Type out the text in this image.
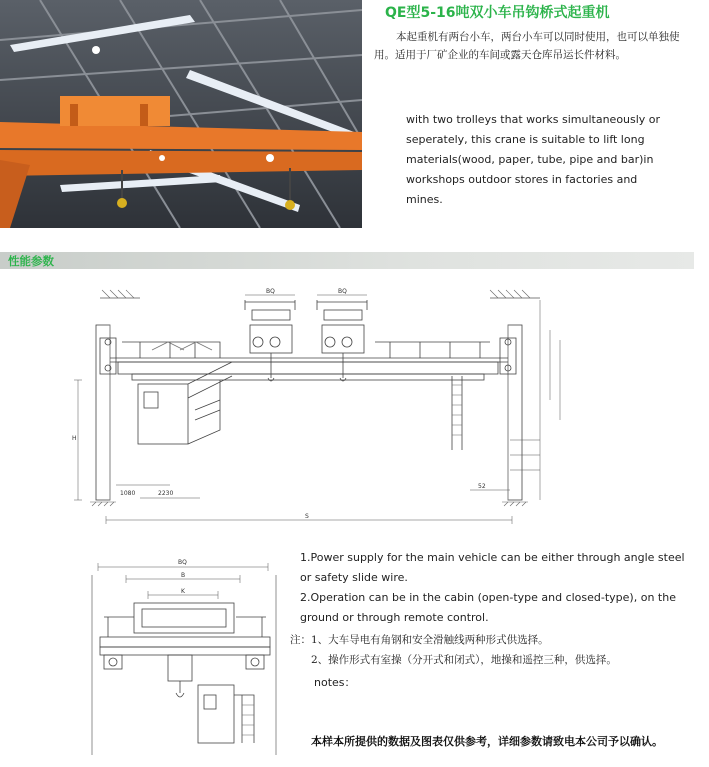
QE型5-16吨双小车吊钩桥式起重机
本起重机有两台小车，两台小车可以同时使用，也可以单独使用。适用于厂矿企业的车间或露天仓库吊运长件材料。
with two trolleys that works simultaneously or seperately, this crane is suitable to lift long materials(wood, paper, tube, pipe and bar)in workshops outdoor stores in factories and mines.
性能参数
BQ	BQ
S
2230
1080
52
H
BQ
B
K
1.Power supply for the main vehicle can be either through angle steel or safety slide wire.
2.Operation can be in the cabin (open-type and closed-type), on the ground or through remote control.
注：1、大车导电有角钢和安全滑触线两种形式供选择。
2、操作形式有室操（分开式和闭式），地操和遥控三种，供选择。
notes：
本样本所提供的数据及图表仅供参考，详细参数请致电本公司予以确认。
